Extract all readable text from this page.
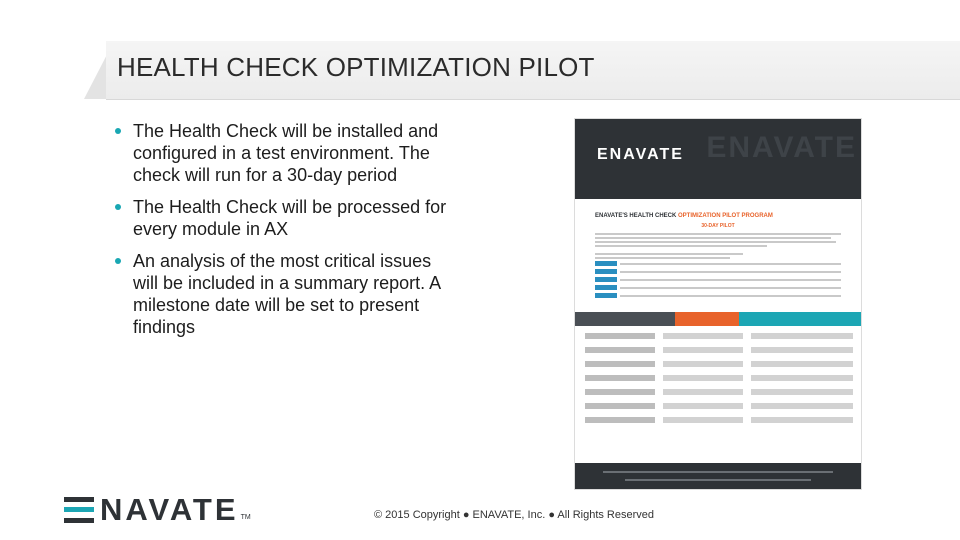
HEALTH CHECK OPTIMIZATION PILOT
The Health Check will be installed and configured in a test environment. The check will run for a 30-day period
The Health Check will be processed for every module in AX
An analysis of the most critical issues will be included in a summary report. A milestone date will be set to present findings
ENAVATE
ENAVATE
ENAVATE'S HEALTH CHECK OPTIMIZATION PILOT PROGRAM
30-DAY PILOT
NAVATE TM	© 2015 Copyright ● ENAVATE, Inc. ● All Rights Reserved
